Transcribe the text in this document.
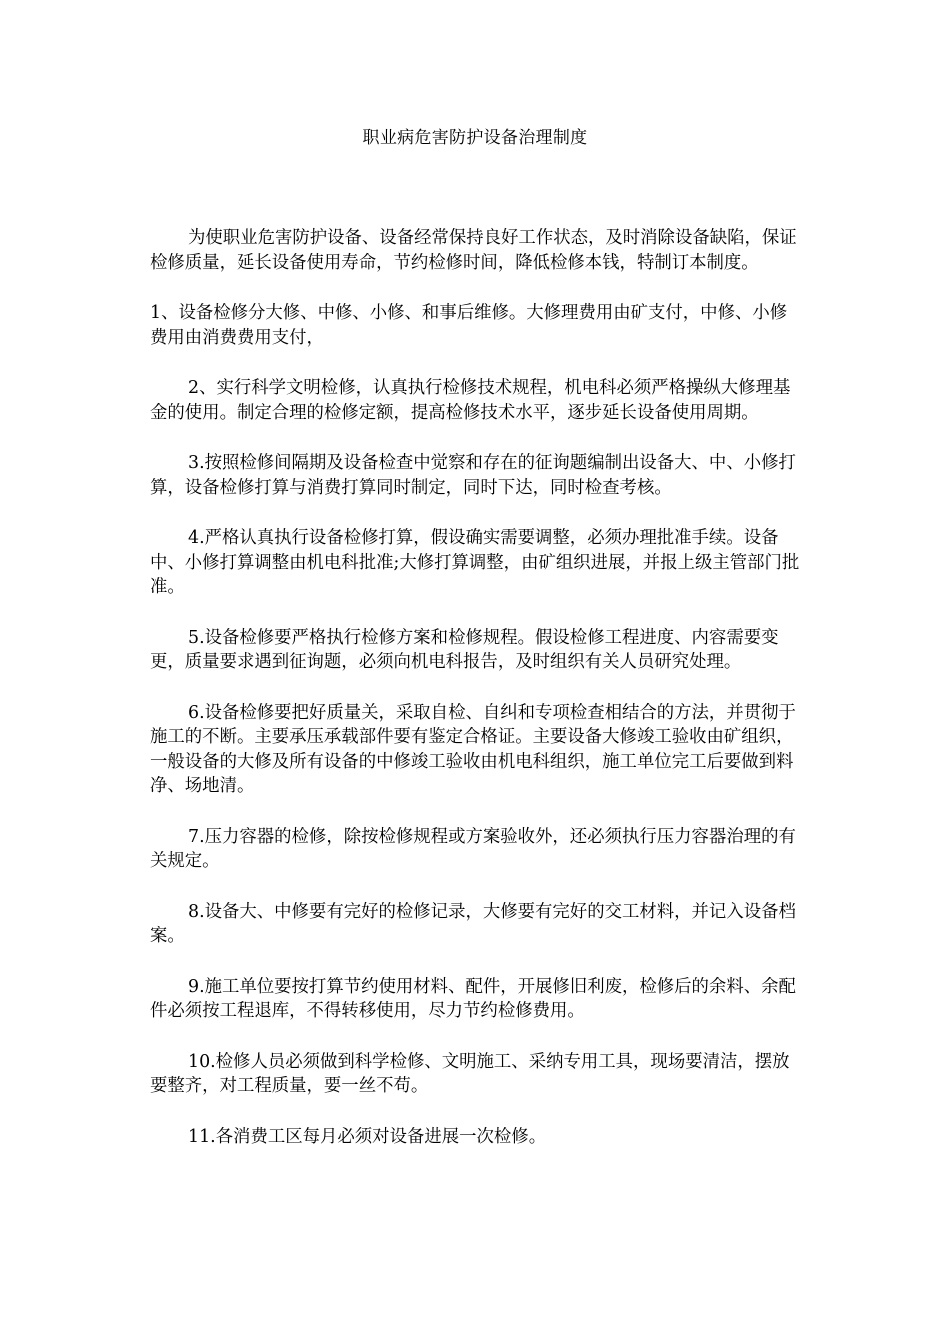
职业病危害防护设备治理制度

为使职业危害防护设备、设备经常保持良好工作状态，及时消除设备缺陷，保证检修质量，延长设备使用寿命，节约检修时间，降低检修本钱，特制订本制度。

1、设备检修分大修、中修、小修、和事后维修。大修理费用由矿支付，中修、小修费用由消费费用支付，

2、实行科学文明检修，认真执行检修技术规程，机电科必须严格操纵大修理基金的使用。制定合理的检修定额，提高检修技术水平，逐步延长设备使用周期。

3.按照检修间隔期及设备检查中觉察和存在的征询题编制出设备大、中、小修打算，设备检修打算与消费打算同时制定，同时下达，同时检查考核。

4.严格认真执行设备检修打算，假设确实需要调整，必须办理批准手续。设备中、小修打算调整由机电科批准;大修打算调整，由矿组织进展，并报上级主管部门批准。

5.设备检修要严格执行检修方案和检修规程。假设检修工程进度、内容需要变更，质量要求遇到征询题，必须向机电科报告，及时组织有关人员研究处理。

6.设备检修要把好质量关，采取自检、自纠和专项检查相结合的方法，并贯彻于施工的不断。主要承压承载部件要有鉴定合格证。主要设备大修竣工验收由矿组织，一般设备的大修及所有设备的中修竣工验收由机电科组织，施工单位完工后要做到料净、场地清。

7.压力容器的检修，除按检修规程或方案验收外，还必须执行压力容器治理的有关规定。

8.设备大、中修要有完好的检修记录，大修要有完好的交工材料，并记入设备档案。

9.施工单位要按打算节约使用材料、配件，开展修旧利废，检修后的余料、余配件必须按工程退库，不得转移使用，尽力节约检修费用。

10.检修人员必须做到科学检修、文明施工、采纳专用工具，现场要清洁，摆放要整齐，对工程质量，要一丝不苟。

11.各消费工区每月必须对设备进展一次检修。
